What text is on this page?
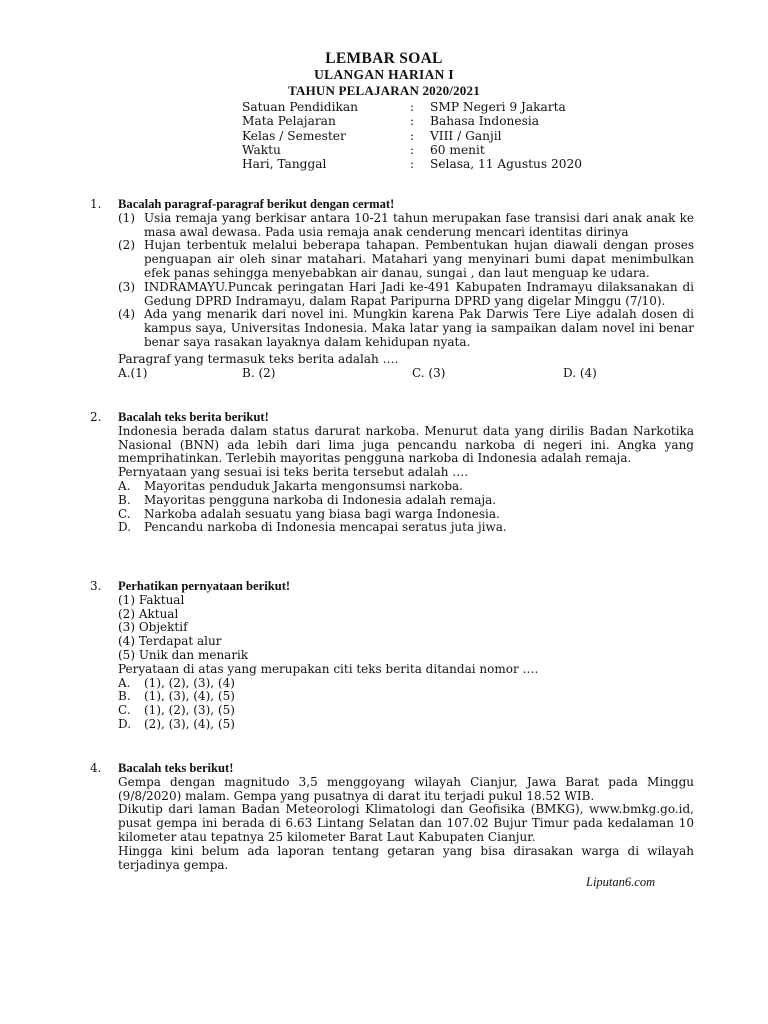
LEMBAR SOAL
ULANGAN HARIAN I
TAHUN PELAJARAN 2020/2021
Satuan Pendidikan	: SMP Negeri 9 Jakarta
Mata Pelajaran	: Bahasa Indonesia
Kelas / Semester	: VIII / Ganjil
Waktu	: 60 menit
Hari, Tanggal	: Selasa, 11 Agustus 2020
1. Bacalah paragraf-paragraf berikut dengan cermat!
(1) Usia remaja yang berkisar antara 10-21 tahun merupakan fase transisi dari anak anak ke masa awal dewasa. Pada usia remaja anak cenderung mencari identitas dirinya
(2) Hujan terbentuk melalui beberapa tahapan. Pembentukan hujan diawali dengan proses penguapan air oleh sinar matahari. Matahari yang menyinari bumi dapat menimbulkan efek panas sehingga menyebabkan air danau, sungai , dan laut menguap ke udara.
(3) INDRAMAYU.Puncak peringatan Hari Jadi ke-491 Kabupaten Indramayu dilaksanakan di Gedung DPRD Indramayu, dalam Rapat Paripurna DPRD yang digelar Minggu (7/10).
(4) Ada yang menarik dari novel ini. Mungkin karena Pak Darwis Tere Liye adalah dosen di kampus saya, Universitas Indonesia. Maka latar yang ia sampaikan dalam novel ini benar benar saya rasakan layaknya dalam kehidupan nyata.
Paragraf yang termasuk teks berita adalah ….
A.(1)	B. (2)	C. (3)	D. (4)
2. Bacalah teks berita berikut!
Indonesia berada dalam status darurat narkoba. Menurut data yang dirilis Badan Narkotika Nasional (BNN) ada lebih dari lima juga pencandu narkoba di negeri ini. Angka yang memprihatinkan. Terlebih mayoritas pengguna narkoba di Indonesia adalah remaja.
Pernyataan yang sesuai isi teks berita tersebut adalah ….
A. Mayoritas penduduk Jakarta mengonsumsi narkoba.
B. Mayoritas pengguna narkoba di Indonesia adalah remaja.
C. Narkoba adalah sesuatu yang biasa bagi warga Indonesia.
D. Pencandu narkoba di Indonesia mencapai seratus juta jiwa.
3. Perhatikan pernyataan berikut!
(1) Faktual
(2) Aktual
(3) Objektif
(4) Terdapat alur
(5) Unik dan menarik
Peryataan di atas yang merupakan citi teks berita ditandai nomor ….
A. (1), (2), (3), (4)
B. (1), (3), (4), (5)
C. (1), (2), (3), (5)
D. (2), (3), (4), (5)
4. Bacalah teks berikut!
Gempa dengan magnitudo 3,5 menggoyang wilayah Cianjur, Jawa Barat pada Minggu (9/8/2020) malam. Gempa yang pusatnya di darat itu terjadi pukul 18.52 WIB.
Dikutip dari laman Badan Meteorologi Klimatologi dan Geofisika (BMKG), www.bmkg.go.id, pusat gempa ini berada di 6.63 Lintang Selatan dan 107.02 Bujur Timur pada kedalaman 10 kilometer atau tepatnya 25 kilometer Barat Laut Kabupaten Cianjur.
Hingga kini belum ada laporan tentang getaran yang bisa dirasakan warga di wilayah terjadinya gempa.
Liputan6.com
